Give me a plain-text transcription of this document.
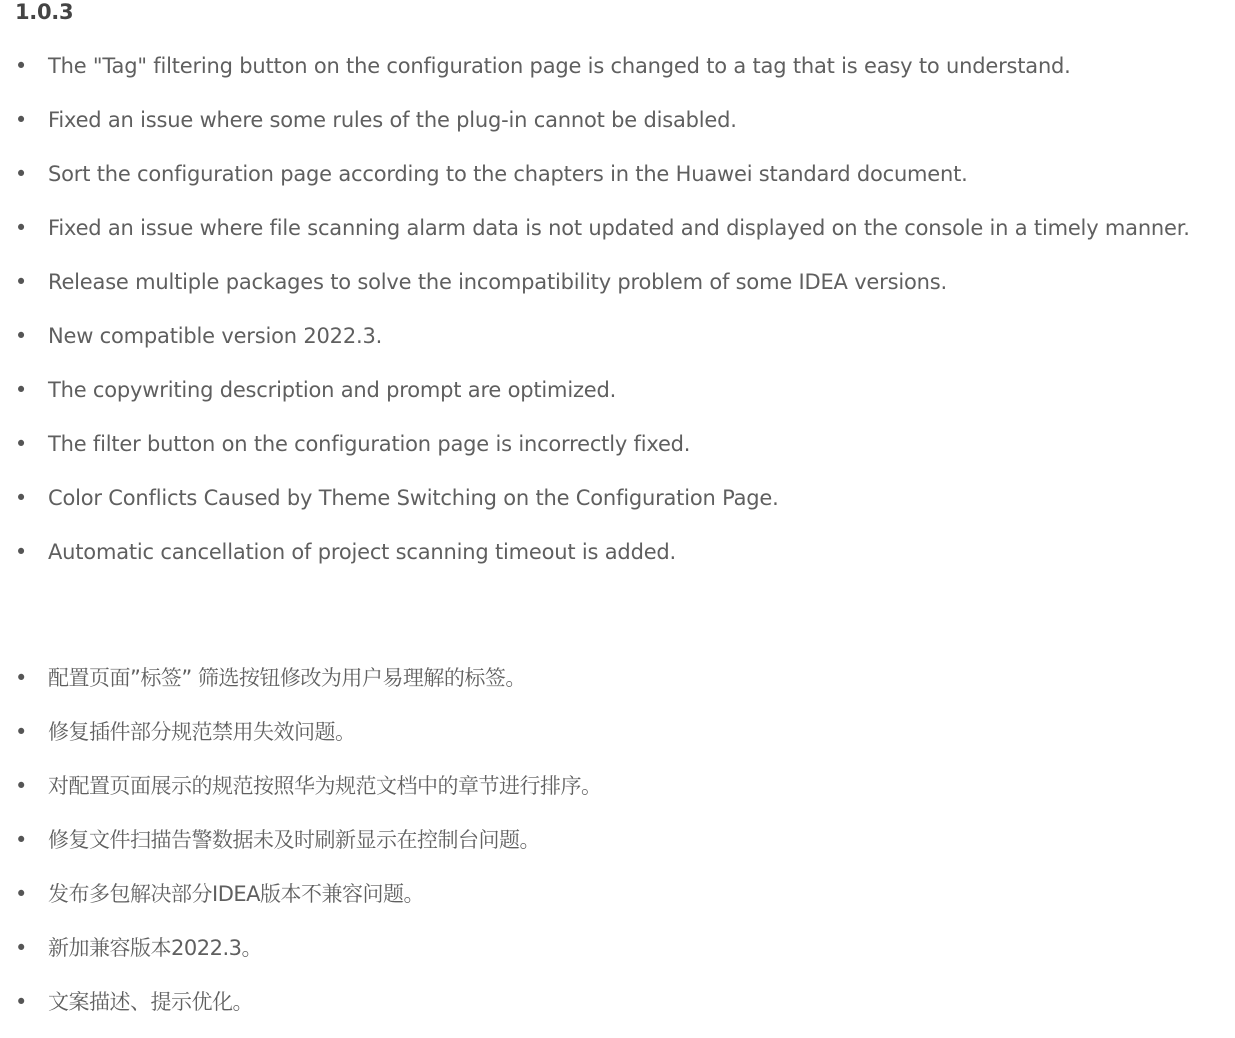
1.0.3
• The "Tag" filtering button on the configuration page is changed to a tag that is easy to understand.
• Fixed an issue where some rules of the plug-in cannot be disabled.
• Sort the configuration page according to the chapters in the Huawei standard document.
• Fixed an issue where file scanning alarm data is not updated and displayed on the console in a timely manner.
• Release multiple packages to solve the incompatibility problem of some IDEA versions.
• New compatible version 2022.3.
• The copywriting description and prompt are optimized.
• The filter button on the configuration page is incorrectly fixed.
• Color Conflicts Caused by Theme Switching on the Configuration Page.
• Automatic cancellation of project scanning timeout is added.
• 配置页面”标签” 筛选按钮修改为用户易理解的标签。
• 修复插件部分规范禁用失效问题。
• 对配置页面展示的规范按照华为规范文档中的章节进行排序。
• 修复文件扫描告警数据未及时刷新显示在控制台问题。
• 发布多包解决部分IDEA版本不兼容问题。
• 新加兼容版本2022.3。
• 文案描述、提示优化。
